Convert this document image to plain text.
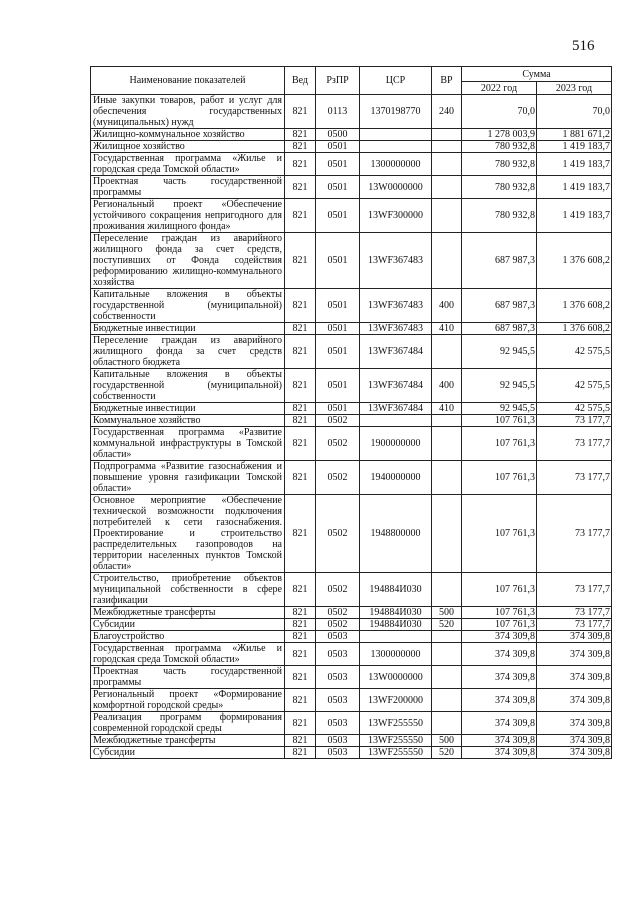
516
Наименование показателей	Вед	РзПР	ЦСР	ВР	Сумма	
					2022 год	2023 год
Иные закупки товаров, работ и услуг для обеспечения государственных (муниципальных) нужд	821	0113	1370198770	240	70,0	70,0
Жилищно-коммунальное хозяйство	821	0500			1 278 003,9	1 881 671,2
Жилищное хозяйство	821	0501			780 932,8	1 419 183,7
Государственная программа «Жилье и городская среда Томской области»	821	0501	1300000000		780 932,8	1 419 183,7
Проектная часть государственной программы	821	0501	13W0000000		780 932,8	1 419 183,7
Региональный проект «Обеспечение устойчивого сокращения непригодного для проживания жилищного фонда»	821	0501	13WF300000		780 932,8	1 419 183,7
Переселение граждан из аварийного жилищного фонда за счет средств, поступивших от Фонда содействия реформированию жилищно-коммунального хозяйства	821	0501	13WF367483		687 987,3	1 376 608,2
Капитальные вложения в объекты государственной (муниципальной) собственности	821	0501	13WF367483	400	687 987,3	1 376 608,2
Бюджетные инвестиции	821	0501	13WF367483	410	687 987,3	1 376 608,2
Переселение граждан из аварийного жилищного фонда за счет средств областного бюджета	821	0501	13WF367484		92 945,5	42 575,5
Капитальные вложения в объекты государственной (муниципальной) собственности	821	0501	13WF367484	400	92 945,5	42 575,5
Бюджетные инвестиции	821	0501	13WF367484	410	92 945,5	42 575,5
Коммунальное хозяйство	821	0502			107 761,3	73 177,7
Государственная программа «Развитие коммунальной инфраструктуры в Томской области»	821	0502	1900000000		107 761,3	73 177,7
Подпрограмма «Развитие газоснабжения и повышение уровня газификации Томской области»	821	0502	1940000000		107 761,3	73 177,7
Основное мероприятие «Обеспечение технической возможности подключения потребителей к сети газоснабжения. Проектирование и строительство распределительных газопроводов на территории населенных пунктов Томской области»	821	0502	1948800000		107 761,3	73 177,7
Строительство, приобретение объектов муниципальной собственности в сфере газификации	821	0502	194884И030		107 761,3	73 177,7
Межбюджетные трансферты	821	0502	194884И030	500	107 761,3	73 177,7
Субсидии	821	0502	194884И030	520	107 761,3	73 177,7
Благоустройство	821	0503			374 309,8	374 309,8
Государственная программа «Жилье и городская среда Томской области»	821	0503	1300000000		374 309,8	374 309,8
Проектная часть государственной программы	821	0503	13W0000000		374 309,8	374 309,8
Региональный проект «Формирование комфортной городской среды»	821	0503	13WF200000		374 309,8	374 309,8
Реализация программ формирования современной городской среды	821	0503	13WF255550		374 309,8	374 309,8
Межбюджетные трансферты	821	0503	13WF255550	500	374 309,8	374 309,8
Субсидии	821	0503	13WF255550	520	374 309,8	374 309,8
